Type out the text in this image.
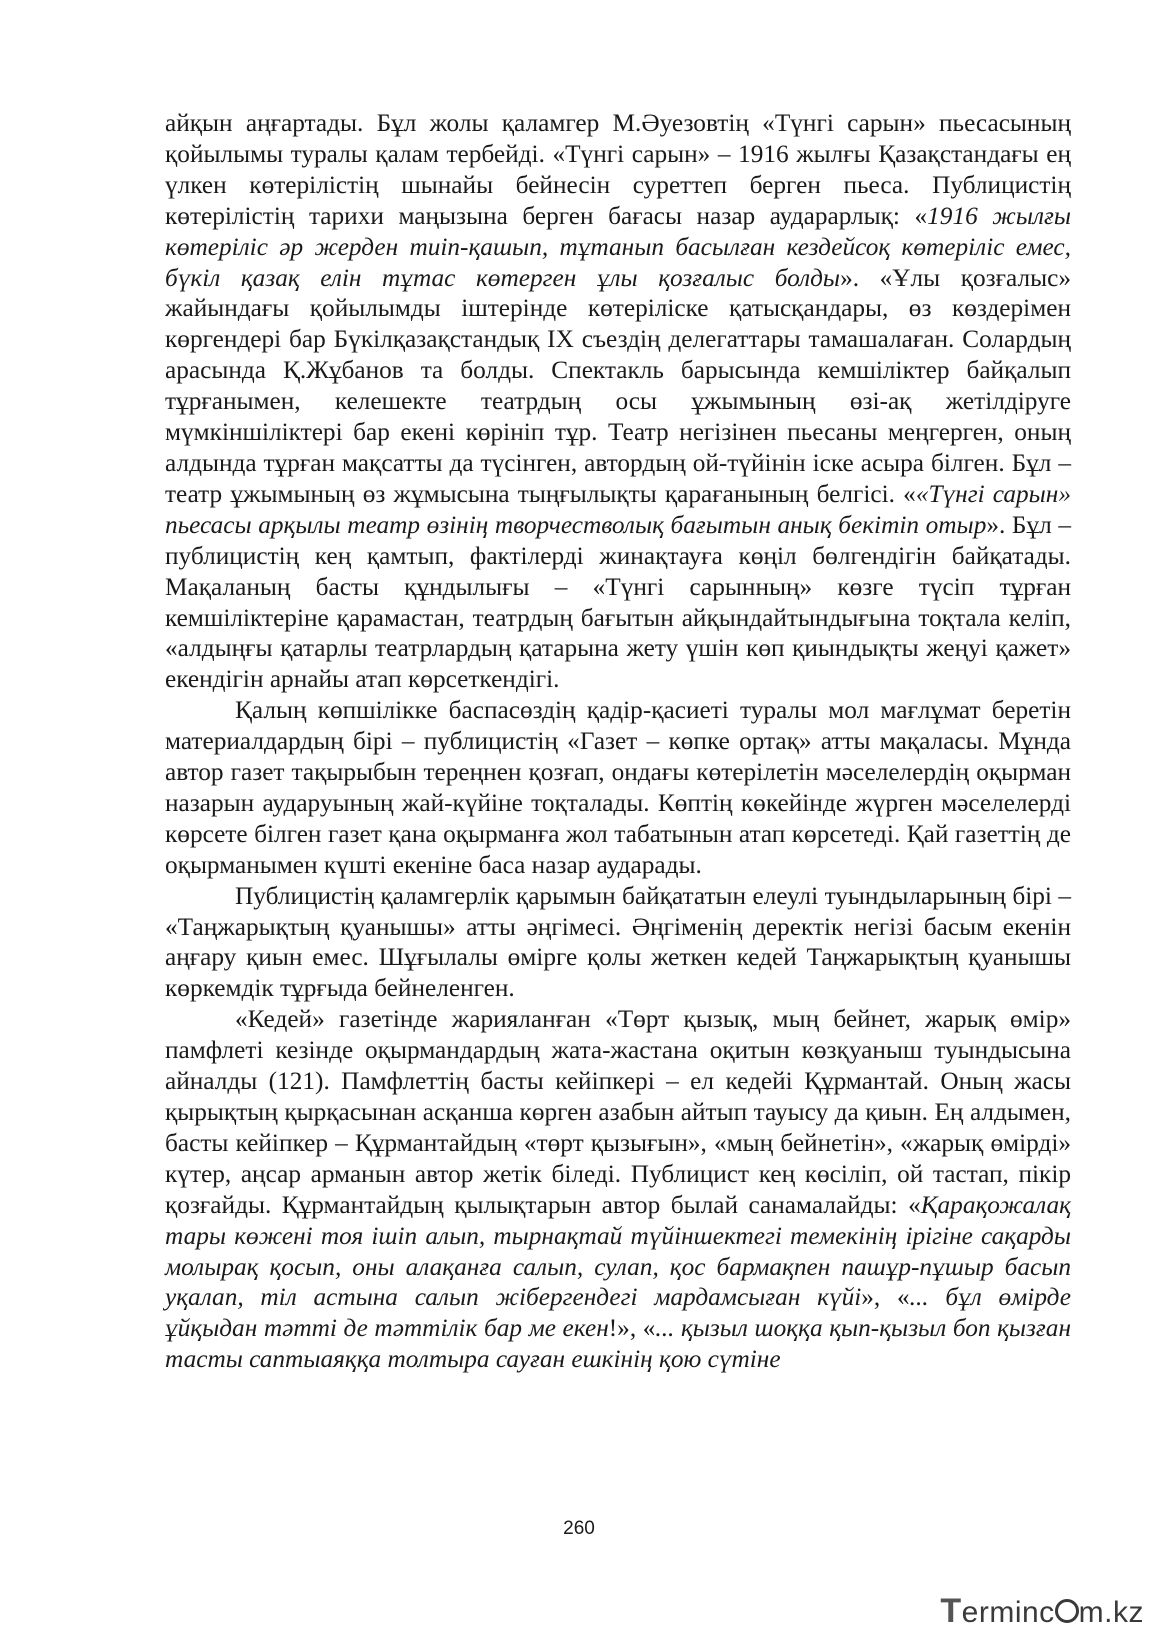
айқын аңғартады. Бұл жолы қаламгер М.Әуезовтің «Түнгі сарын» пьесасының қойылымы туралы қалам тербейді. «Түнгі сарын» – 1916 жылғы Қазақстандағы ең үлкен көтерілістің шынайы бейнесін суреттеп берген пьеса. Публицистің көтерілістің тарихи маңызына берген бағасы назар аударарлық: «1916 жылғы көтеріліс әр жерден тиіп-қашып, тұтанып басылған кездейсоқ көтеріліс емес, бүкіл қазақ елін тұтас көтерген ұлы қозғалыс болды». «Ұлы қозғалыс» жайындағы қойылымды іштерінде көтеріліске қатысқандары, өз көздерімен көргендері бар Бүкілқазақстандық IX съездің делегаттары тамашалаған. Солардың арасында Қ.Жұбанов та болды. Спектакль барысында кемшіліктер байқалып тұрғанымен, келешекте театрдың осы ұжымының өзі-ақ жетілдіруге мүмкіншіліктері бар екені көрініп тұр. Театр негізінен пьесаны меңгерген, оның алдында тұрған мақсатты да түсінген, автордың ой-түйінін іске асыра білген. Бұл – театр ұжымының өз жұмысына тыңғылықты қарағанының белгісі. ««Түнгі сарын» пьесасы арқылы театр өзінің творчестволық бағытын анық бекітіп отыр». Бұл – публицистің кең қамтып, фактілерді жинақтауға көңіл бөлгендігін байқатады. Мақаланың басты құндылығы – «Түнгі сарынның» көзге түсіп тұрған кемшіліктеріне қарамастан, театрдың бағытын айқындайтындығына тоқтала келіп, «алдыңғы қатарлы театрлардың қатарына жету үшін көп қиындықты жеңуі қажет» екендігін арнайы атап көрсеткендігі.

Қалың көпшілікке баспасөздің қадір-қасиеті туралы мол мағлұмат беретін материалдардың бірі – публицистің «Газет – көпке ортақ» атты мақаласы. Мұнда автор газет тақырыбын тереңнен қозғап, ондағы көтерілетін мәселелердің оқырман назарын аударуының жай-күйіне тоқталады. Көптің көкейінде жүрген мәселелерді көрсете білген газет қана оқырманға жол табатынын атап көрсетеді. Қай газеттің де оқырманымен күшті екеніне баса назар аударады.

Публицистің қаламгерлік қарымын байқататын елеулі туындыларының бірі – «Таңжарықтың қуанышы» атты әңгімесі. Әңгіменің деректік негізі басым екенін аңғару қиын емес. Шұғылалы өмірге қолы жеткен кедей Таңжарықтың қуанышы көркемдік тұрғыда бейнеленген.

«Кедей» газетінде жарияланған «Төрт қызық, мың бейнет, жарық өмір» памфлеті кезінде оқырмандардың жата-жастана оқитын көзқуаныш туындысына айналды (121). Памфлеттің басты кейіпкері – ел кедейі Құрмантай. Оның жасы қырықтың қырқасынан асқанша көрген азабын айтып тауысу да қиын. Ең алдымен, басты кейіпкер – Құрмантайдың «төрт қызығын», «мың бейнетін», «жарық өмірді» күтер, аңсар арманын автор жетік біледі. Публицист кең көсіліп, ой тастап, пікір қозғайды. Құрмантайдың қылықтарын автор былай санамалайды: «Қарақожалақ тары көжені тоя ішіп алып, тырнақтай түйіншектегі темекінің ірігіне сақарды молырақ қосып, оны алақанға салып, сулап, қос бармақпен пашұр-пұшыр басып уқалап, тіл астына салып жібергендегі мардамсыған күйі», «... бұл өмірде ұйқыдан тәтті де тәттілік бар ме екен!», «... қызыл шоққа қып-қызыл боп қызған тасты саптыаяққа толтыра сауған ешкінің қою сүтіне

260
Terminc m.kz
